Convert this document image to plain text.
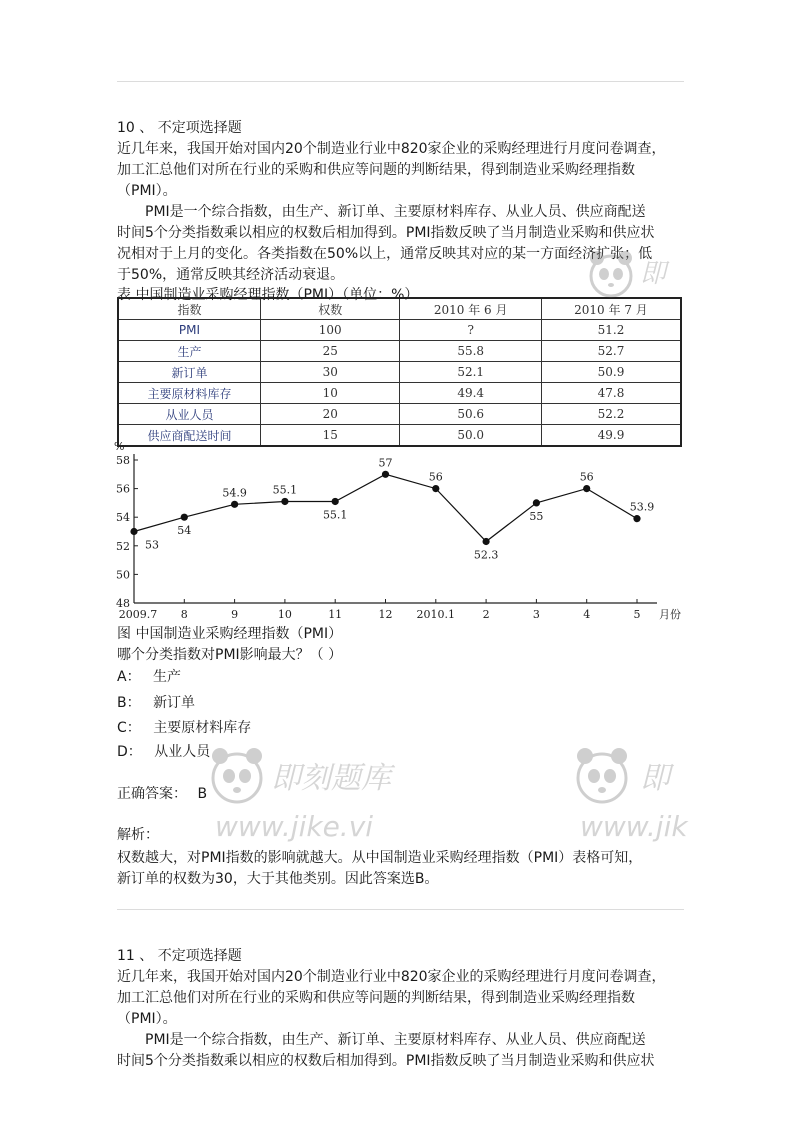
10 、 不定项选择题
近几年来，我国开始对国内20个制造业行业中820家企业的采购经理进行月度问卷调查，
加工汇总他们对所在行业的采购和供应等问题的判断结果，得到制造业采购经理指数
（PMI）。
PMI是一个综合指数，由生产、新订单、主要原材料库存、从业人员、供应商配送
时间5个分类指数乘以相应的权数后相加得到。PMI指数反映了当月制造业采购和供应状
况相对于上月的变化。各类指数在50%以上，通常反映其对应的某一方面经济扩张；低
于50%，通常反映其经济活动衰退。
表 中国制造业采购经理指数（PMI）（单位：%）
指数	权数	2010 年 6 月	2010 年 7 月
PMI	100	?	51.2
生产	25	55.8	52.7
新订单	30	52.1	50.9
主要原材料库存	10	49.4	47.8
从业人员	20	50.6	52.2
供应商配送时间	15	50.0	49.9
%
48
50
52
54
56
58
2009.7 8	9	10	11	12 2010.1	2	3	4	5 月份
53
54
54.9 55.1
55.1
57
56
52.3
55
56
53.9
图 中国制造业采购经理指数（PMI）
哪个分类指数对PMI影响最大？（ ）
A： 生产
B： 新订单
C： 主要原材料库存
D： 从业人员
正确答案： B
解析：
权数越大，对PMI指数的影响就越大。从中国制造业采购经理指数（PMI）表格可知，
新订单的权数为30，大于其他类别。因此答案选B。
11 、 不定项选择题
近几年来，我国开始对国内20个制造业行业中820家企业的采购经理进行月度问卷调查，
加工汇总他们对所在行业的采购和供应等问题的判断结果，得到制造业采购经理指数
（PMI）。
PMI是一个综合指数，由生产、新订单、主要原材料库存、从业人员、供应商配送
时间5个分类指数乘以相应的权数后相加得到。PMI指数反映了当月制造业采购和供应状
即
即刻题库
www.jike.vi
即
www.jik
